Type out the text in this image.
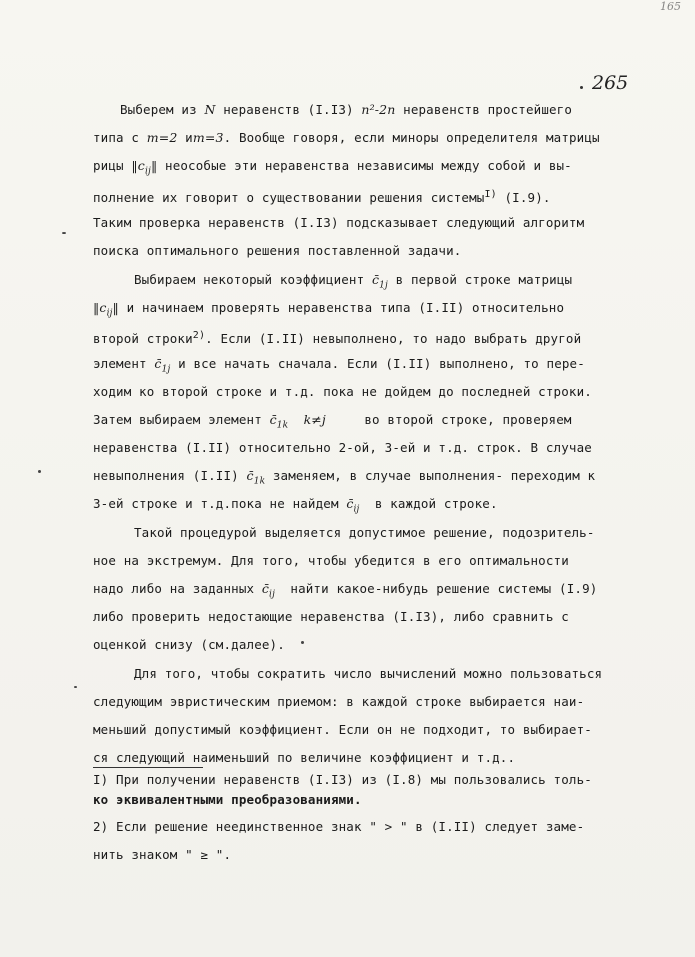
165
265
Выберем из N неравенств (I.I3) n²-2n неравенств простейшего
типа с m=2 иm=3. Вообще говоря, если миноры определителя матрицы
рицы $‖c_{ij}‖$ неособые эти неравенства независимы между собой и вы-
полнение их говорит о существовании решения системы$^{I)}$ (I.9).
Таким проверка неравенств (I.I3) подсказывает следующий алгоритм
поиска оптимального решения поставленной задачи.
Выбираем некоторый коэффициент $c̄_{1j}$ в первой строке матрицы
$‖c_{ij}‖$ и начинаем проверять неравенства типа (I.II) относительно
второй строки$^{2)}$. Если (I.II) невыполнено, то надо выбрать другой
элемент $c̄_{1j}$ и все начать сначала. Если (I.II) выполнено, то пере-
ходим ко второй строке и т.д. пока не дойдем до последней строки.
Затем выбираем элемент $c̄_{1k}$ k≠j	во второй строке, проверяем
неравенства (I.II) относительно 2-ой, 3-ей и т.д. строк. В случае
невыполнения (I.II) $c̄_{1k}$ заменяем, в случае выполнения- переходим к
3-ей строке и т.д.пока не найдем $c̄_{ij}$ в каждой строке.
Такой процедурой выделяется допустимое решение, подозритель-
ное на экстремум. Для того, чтобы убедится в его оптимальности
надо либо на заданных $c̄_{ij}$ найти какое-нибудь решение системы (I.9)
либо проверить недостающие неравенства (I.I3), либо сравнить с
оценкой снизу (см.далее).
Для того, чтобы сократить число вычислений можно пользоваться
следующим эвристическим приемом: в каждой строке выбирается наи-
меньший допустимый коэффициент. Если он не подходит, то выбирает-
ся следующий наименьший по величине коэффициент и т.д..
I) При получении неравенств (I.I3) из (I.8) мы пользовались толь-
ко эквивалентными преобразованиями.
2) Если решение неединственное знак " > " в (I.II) следует заме-
нить знаком " ≥ ".
